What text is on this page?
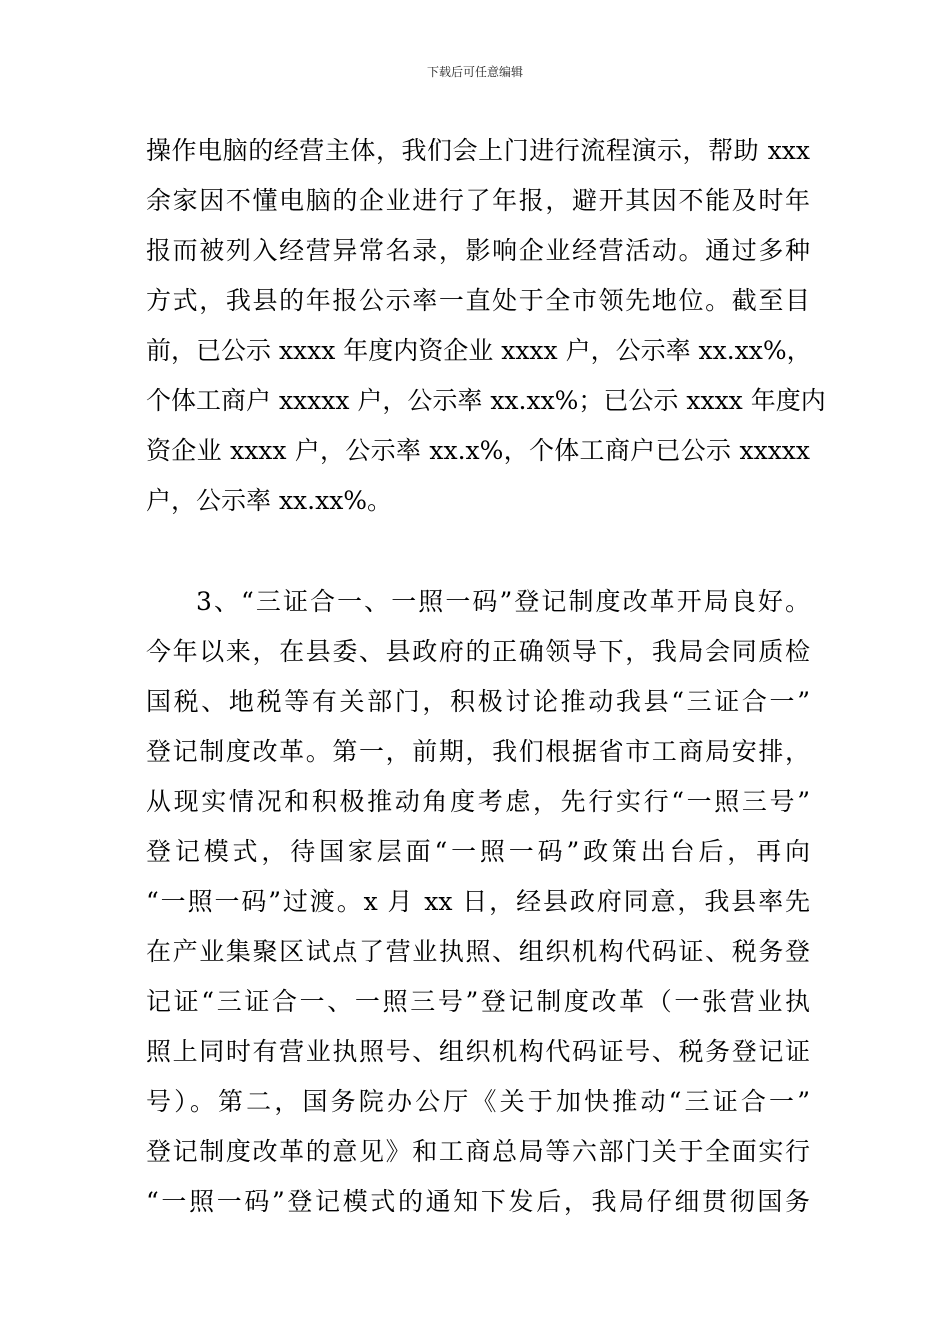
下载后可任意编辑
操作电脑的经营主体，我们会上门进行流程演示，帮助 xxx
余家因不懂电脑的企业进行了年报，避开其因不能及时年
报而被列入经营异常名录，影响企业经营活动。通过多种
方式，我县的年报公示率一直处于全市领先地位。截至目
前，已公示 xxxx 年度内资企业 xxxx 户，公示率 xx.xx%，
个体工商户 xxxxx 户，公示率 xx.xx%；已公示 xxxx 年度内
资企业 xxxx 户，公示率 xx.x%，个体工商户已公示 xxxxx
户，公示率 xx.xx%。
3、“三证合一、一照一码”登记制度改革开局良好。
今年以来，在县委、县政府的正确领导下，我局会同质检
国税、地税等有关部门，积极讨论推动我县“三证合一”
登记制度改革。第一，前期，我们根据省市工商局安排，
从现实情况和积极推动角度考虑，先行实行“一照三号”
登记模式，待国家层面“一照一码”政策出台后，再向
“一照一码”过渡。x 月 xx 日，经县政府同意，我县率先
在产业集聚区试点了营业执照、组织机构代码证、税务登
记证“三证合一、一照三号”登记制度改革（一张营业执
照上同时有营业执照号、组织机构代码证号、税务登记证
号）。第二，国务院办公厅《关于加快推动“三证合一”
登记制度改革的意见》和工商总局等六部门关于全面实行
“一照一码”登记模式的通知下发后，我局仔细贯彻国务
